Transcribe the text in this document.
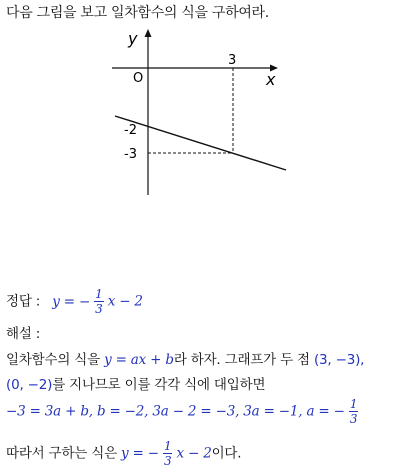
다음 그림을 보고 일차함수의 식을 구하여라.
y
x
O
3
-2
-3
정답 : y = − $\frac{1}{3}$ x − 2
해설 :
일차함수의 식을 y = ax + b라 하자. 그래프가 두 점 (3, −3),
(0, −2)를 지나므로 이를 각각 식에 대입하면
−3 = 3a + b, b = −2, 3a − 2 = −3, 3a = −1, a = − $\frac{1}{3}$
따라서 구하는 식은 y = − $\frac{1}{3}$ x − 2이다.
